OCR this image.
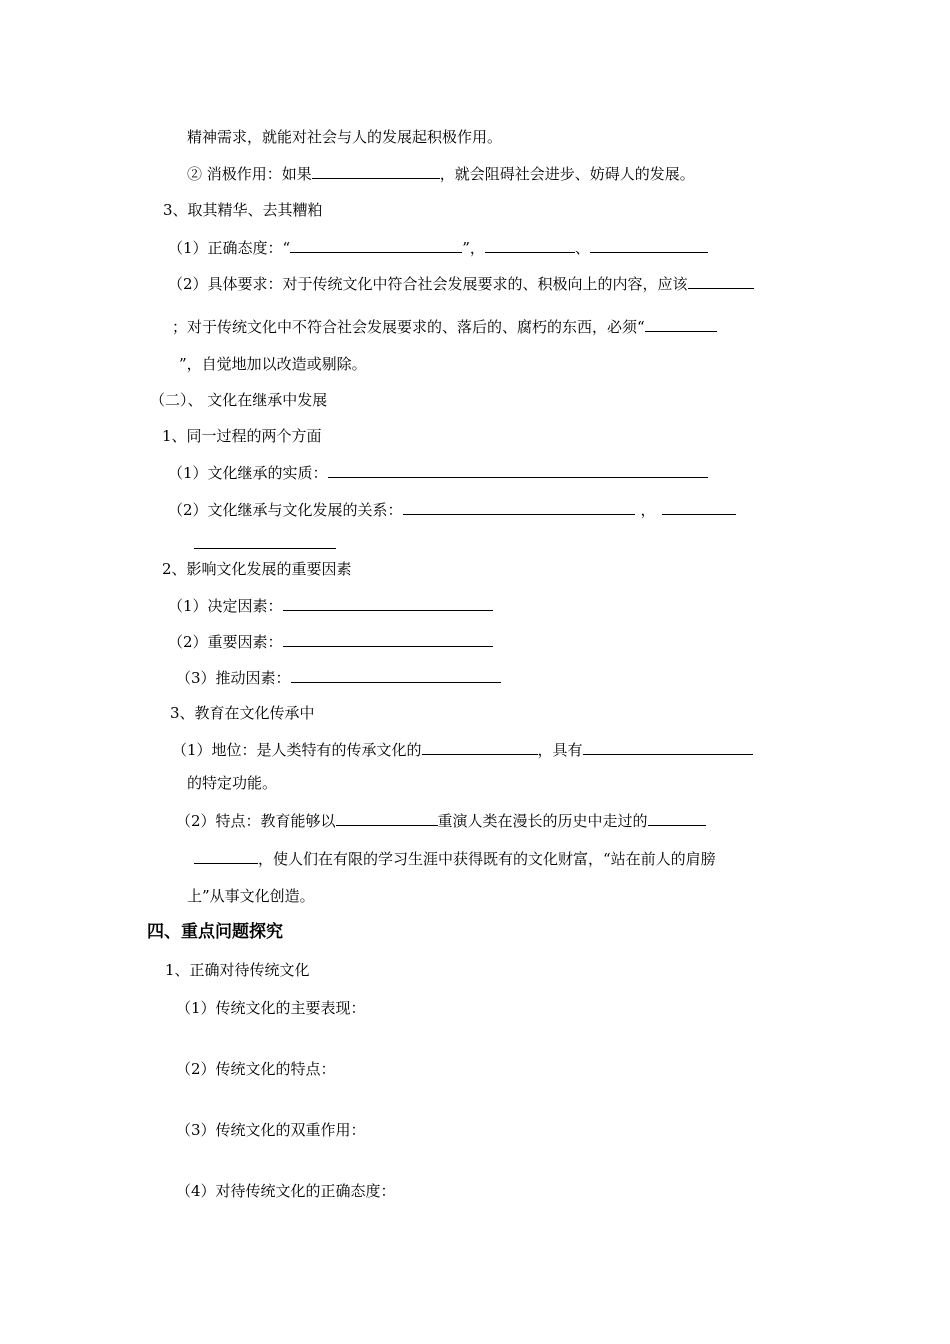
精神需求，就能对社会与人的发展起积极作用。
② 消极作用：如果	，就会阻碍社会进步、妨碍人的发展。
3、取其精华、去其糟粕
（1）正确态度：“	”，	、
（2）具体要求：对于传统文化中符合社会发展要求的、积极向上的内容，应该
；对于传统文化中不符合社会发展要求的、落后的、腐朽的东西，必须“
”，自觉地加以改造或剔除。
（二）、 文化在继承中发展
1、同一过程的两个方面
（1）文化继承的实质：
（2）文化继承与文化发展的关系：	，
2、影响文化发展的重要因素
（1）决定因素：
（2）重要因素：
（3）推动因素：
3、教育在文化传承中
（1）地位：是人类特有的传承文化的	，具有
的特定功能。
（2）特点：教育能够以	重演人类在漫长的历史中走过的
，使人们在有限的学习生涯中获得既有的文化财富，“站在前人的肩膀
上”从事文化创造。
四、重点问题探究
1、正确对待传统文化
（1）传统文化的主要表现：
（2）传统文化的特点：
（3）传统文化的双重作用：
（4）对待传统文化的正确态度：
